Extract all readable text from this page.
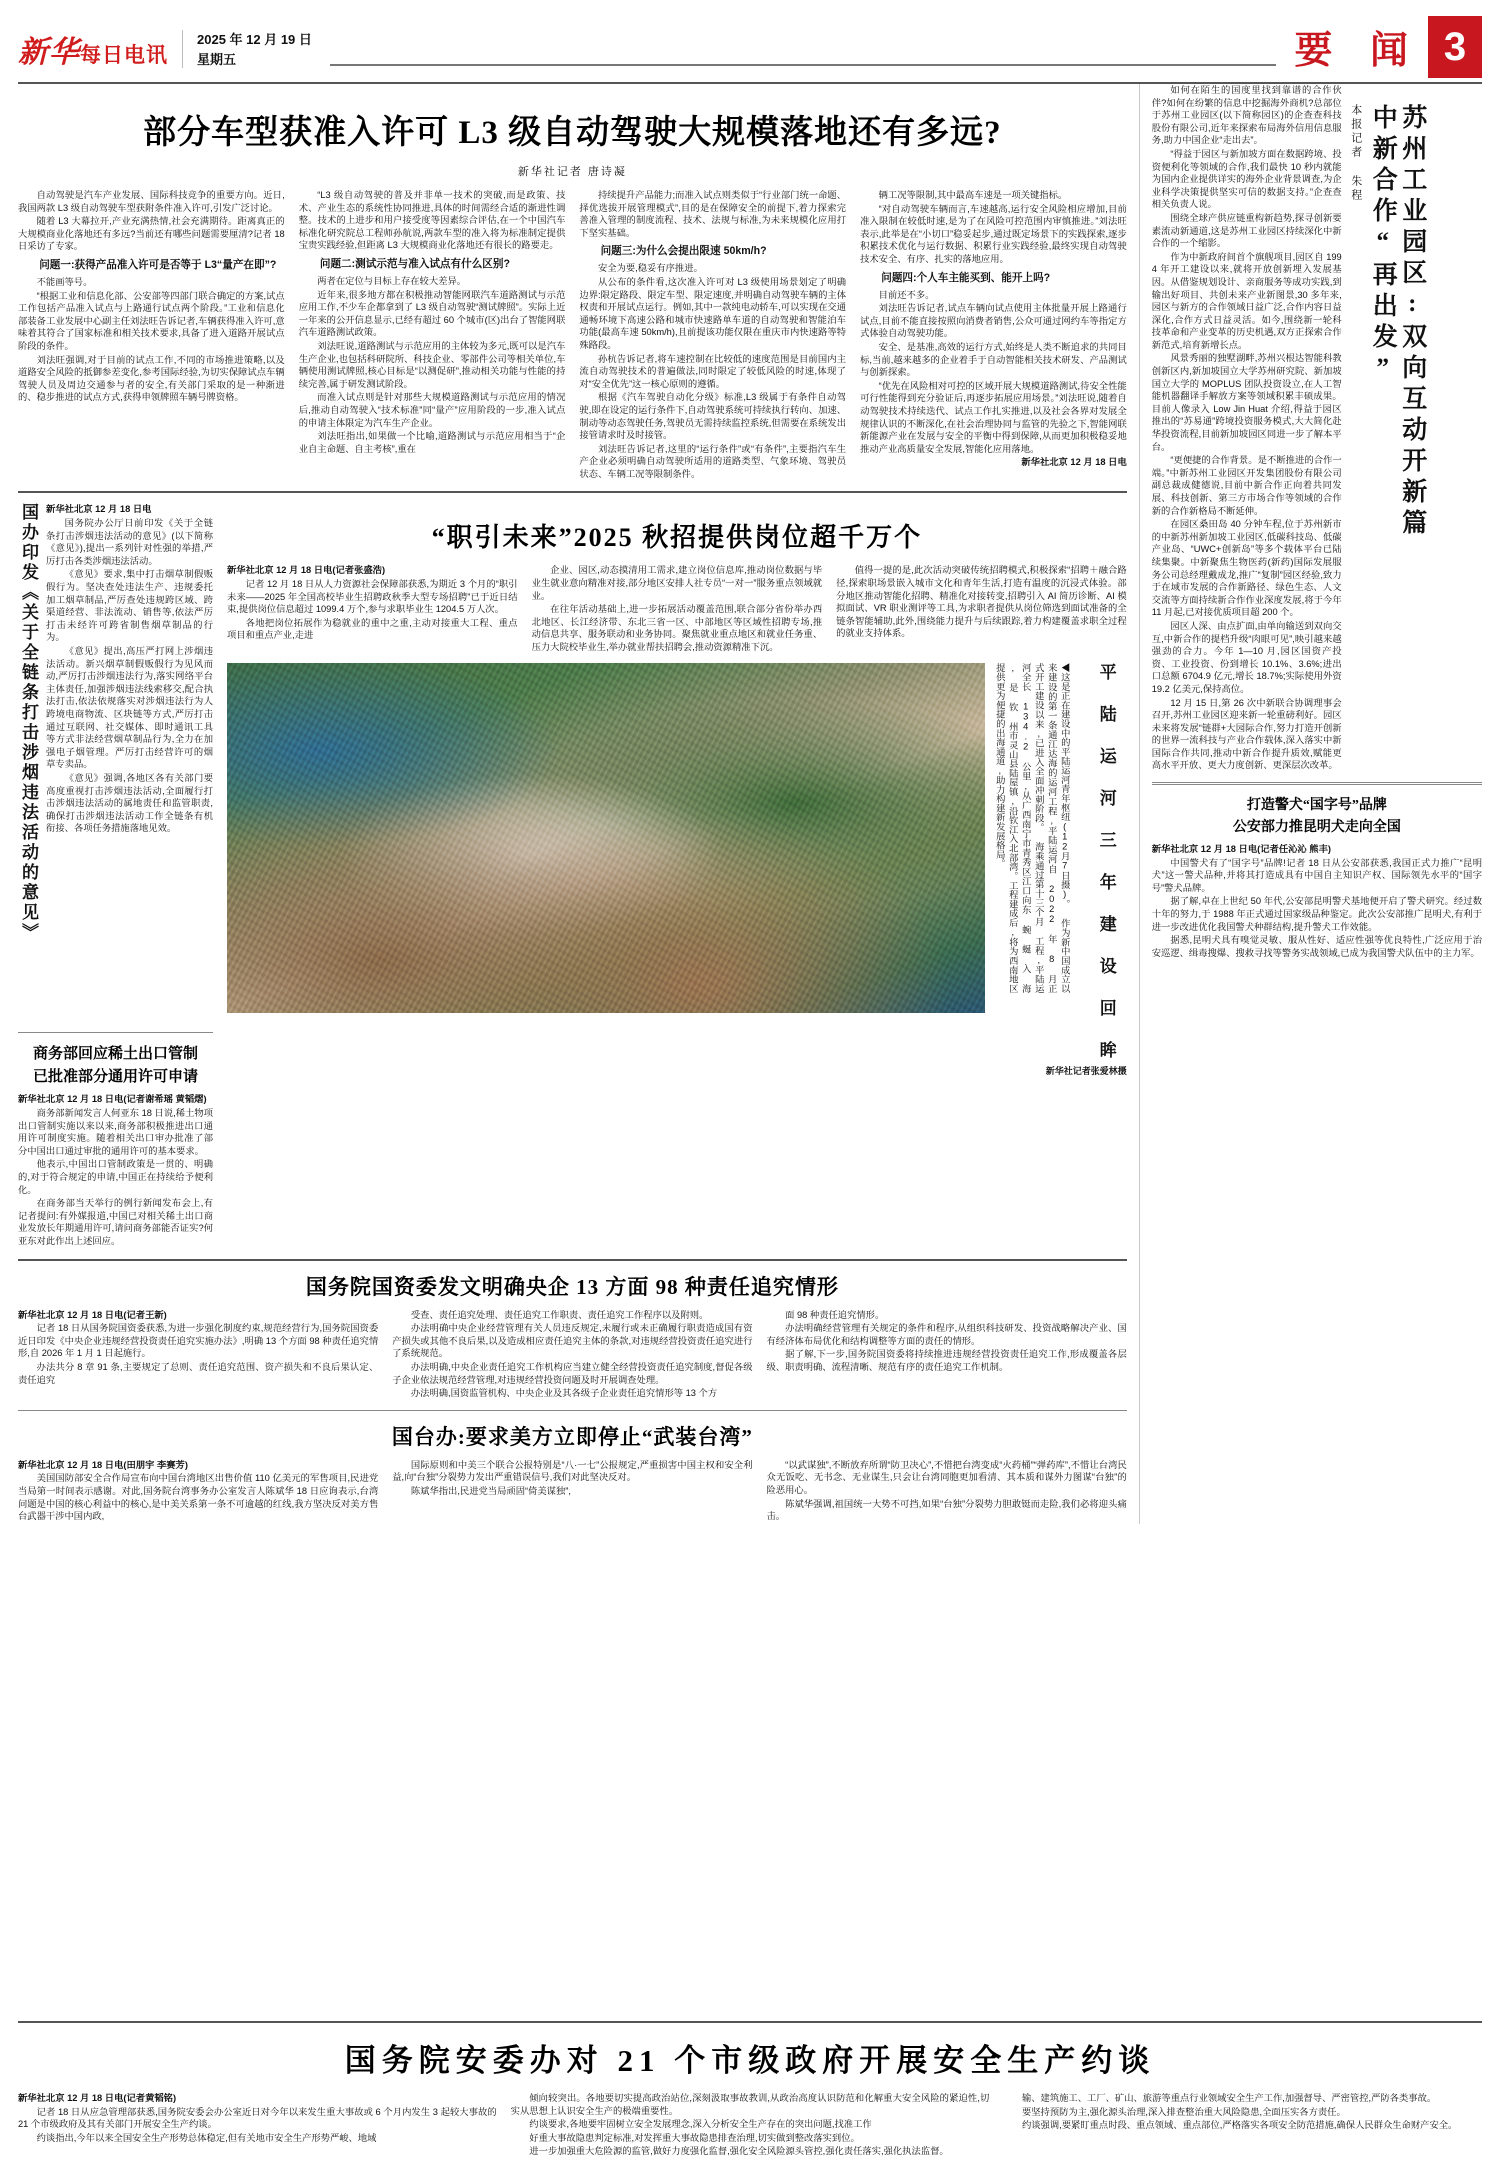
新华每日电讯
2025 年 12 月 19 日
星期五	要 闻 3
部分车型获准入许可 L3 级自动驾驶大规模落地还有多远?
新华社记者 唐诗凝

自动驾驶是汽车产业发展、国际科技竞争的重要方向。近日,我国两款 L3 级自动驾驶车型获附条件准入许可,引发广泛讨论。

随着 L3 大幕拉开,产业充满热情,社会充满期待。距离真正的大规模商业化落地还有多远?当前还有哪些问题需要厘清?记者 18 日采访了专家。

问题一:获得产品准入许可是否等于 L3“量产在即”?

不能画等号。

“根据工业和信息化部、公安部等四部门联合确定的方案,试点工作包括产品准入试点与上路通行试点两个阶段。”工业和信息化部装备工业发展中心副主任刘法旺告诉记者,车辆获得准入许可,意味着其符合了国家标准和相关技术要求,具备了进入道路开展试点阶段的条件。

刘法旺强调,对于目前的试点工作,不同的市场推进策略,以及道路安全风险的抵御参差变化,参考国际经验,为切实保障试点车辆驾驶人员及周边交通参与者的安全,有关部门采取的是一种渐进的、稳步推进的试点方式,获得申领牌照车辆号牌资格。

“L3 级自动驾驶的普及并非单一技术的突破,而是政策、技术、产业生态的系统性协同推进,具体的时间需经合适的渐进性调整。技术的上进步和用户接受度等因素综合评估,在一个中国汽车标准化研究院总工程师孙航说,两款车型的准入将为标准制定提供宝贵实践经验,但距离 L3 大规模商业化落地还有很长的路要走。

问题二:测试示范与准入试点有什么区别?

两者在定位与目标上存在较大差异。

近年来,很多地方都在积极推动智能网联汽车道路测试与示范应用工作,不少车企都拿到了 L3 级自动驾驶“测试牌照”。实际上近一年来的公开信息显示,已经有超过 60 个城市(区)出台了智能网联汽车道路测试政策。

刘法旺说,道路测试与示范应用的主体较为多元,既可以是汽车生产企业,也包括科研院所、科技企业、零部件公司等相关单位,车辆使用测试牌照,核心目标是“以测促研”,推动相关功能与性能的持续完善,属于研发测试阶段。

而准入试点则是针对那些大规模道路测试与示范应用的情况后,推动自动驾驶入“技术标准”同“量产”应用阶段的一步,准入试点的申请主体限定为汽车生产企业。

刘法旺指出,如果做一个比喻,道路测试与示范应用相当于“企业自主命题、自主考核”,重在

持续提升产品能力;而准入试点则类似于“行业部门统一命题、择优选拔开展管理模式”,目的是在保障安全的前提下,着力探索完善准入管理的制度流程、技术、法规与标准,为未来规模化应用打下坚实基础。

问题三:为什么会提出限速 50km/h?

安全为要,稳妥有序推进。

从公布的条件看,这次准入许可对 L3 级使用场景划定了明确边界:限定路段、限定车型、限定速度,并明确自动驾驶车辆的主体权责和开展试点运行。例如,其中一款纯电动轿车,可以实现在交通通畅环境下高速公路和城市快速路单车道的自动驾驶和智能泊车功能(最高车速 50km/h),且前提该功能仅限在重庆市内快速路等特殊路段。

孙杭告诉记者,将车速控制在比较低的速度范围是目前国内主流自动驾驶技术的普遍做法,同时限定了较低风险的时速,体现了对“安全优先”这一核心原则的遵循。

根据《汽车驾驶自动化分级》标准,L3 级属于有条件自动驾驶,即在设定的运行条件下,自动驾驶系统可持续执行转向、加速、制动等动态驾驶任务,驾驶员无需持续监控系统,但需要在系统发出接管请求时及时接管。

刘法旺告诉记者,这里的“运行条件”或“有条件”,主要指汽车生产企业必须明确自动驾驶所适用的道路类型、气象环境、驾驶员状态、车辆工况等限制条件。

辆工况等限制,其中最高车速是一项关键指标。

“对自动驾驶车辆而言,车速越高,运行安全风险相应增加,目前准入限制在较低时速,是为了在风险可控范围内审慎推进。”刘法旺表示,此举是在“小切口”稳妥起步,通过既定场景下的实践探索,逐步积累技术优化与运行数据、积累行业实践经验,最终实现自动驾驶技术安全、有序、扎实的落地应用。

问题四:个人车主能买到、能开上吗?

目前还不多。

刘法旺告诉记者,试点车辆向试点使用主体批量开展上路通行试点,目前不能直接按照向消费者销售,公众可通过网约车等指定方式体验自动驾驶功能。

安全、是基准,高效的运行方式,始终是人类不断追求的共同目标,当前,越来越多的企业着手于自动智能相关技术研发、产品测试与创新探索。

“优先在风险相对可控的区域开展大规模道路测试,待安全性能可行性能得到充分验证后,再逐步拓展应用场景。”刘法旺说,随着自动驾驶技术持续迭代、试点工作扎实推进,以及社会各界对发展全规律认识的不断深化,在社会治理协同与监管的先验之下,智能网联新能源产业在发展与安全的平衡中得到保障,从而更加积极稳妥地推动产业高质量安全发展,智能化应用落地。

新华社北京 12 月 18 日电

国办印发《关于全链条打击涉烟违法活动的意见》 新华社北京 12 月 18 日电

国务院办公厅日前印发《关于全链条打击涉烟违法活动的意见》(以下简称《意见》),提出一系列针对性强的举措,严厉打击各类涉烟违法活动。

《意见》要求,集中打击烟草制假贩假行为。坚决查处违法生产、违规委托加工烟草制品,严厉查处违规跨区域、跨渠道经营、非法流动、销售等,依法严厉打击未经许可跨省制售烟草制品的行为。

《意见》提出,高压严打网上涉烟违法活动。新兴烟草制假贩假行为见风而动,严厉打击涉烟违法行为,落实网络平台主体责任,加强涉烟违法线索移交,配合执法打击,依法依规落实对涉烟违法行为人跨境电商物流、区块链等方式,严厉打击通过互联网、社交媒体、即时通讯工具等方式非法经营烟草制品行为,全力在加强电子烟管理。严厉打击经营许可的烟草专卖品。

《意见》强调,各地区各有关部门要高度重视打击涉烟违法活动,全面履行打击涉烟违法活动的属地责任和监管职责,确保打击涉烟违法活动工作全链条有机衔接、各项任务措施落地见效。

商务部回应稀土出口管制
已批准部分通用许可申请

新华社北京 12 月 18 日电(记者谢希瑶 黄韬熠)

商务部新闻发言人何亚东 18 日说,稀土物项出口管制实施以来以来,商务部积极推进出口通用许可制度实施。随着相关出口审办批准了部分中国出口通过审批的通用许可的基本要求。

他表示,中国出口管制政策是一贯的、明确的,对于符合规定的申请,中国正在持续给予便利化。

在商务部当天举行的例行新闻发布会上,有记者提问:有外媒报道,中国已对相关稀土出口商业发放长年期通用许可,请问商务部能否证实?何亚东对此作出上述回应。

“职引未来”2025 秋招提供岗位超千万个

新华社北京 12 月 18 日电(记者张盛浩)

记者 12 月 18 日从人力资源社会保障部获悉,为期近 3 个月的“职引未来——2025 年全国高校毕业生招聘政秋季大型专场招聘”已于近日结束,提供岗位信息超过 1099.4 万个,参与求职毕业生 1204.5 万人次。

各地把岗位拓展作为稳就业的重中之重,主动对接重大工程、重点项目和重点产业,走进

企业、园区,动态摸清用工需求,建立岗位信息库,推动岗位数据与毕业生就业意向精准对接,部分地区安排人社专员“一对一”服务重点领域就业。

在往年活动基础上,进一步拓展活动覆盖范围,联合部分省份举办西北地区、长江经济带、东北三省一区、中部地区等区域性招聘专场,推动信息共享、服务联动和业务协同。聚焦就业重点地区和就业任务重、压力大院校毕业生,举办就业帮扶招聘会,推动资源精准下沉。

值得一提的是,此次活动突破传统招聘模式,积极探索“招聘＋融合路径,探索职场景嵌入城市文化和青年生活,打造有温度的沉浸式体验。部分地区推动智能化招聘、精准化对接转变,招聘引入 AI 简历诊断、AI 模拟面试、VR 职业测评等工具,为求职者提供从岗位筛选到面试准备的全链条智能辅助,此外,围绕能力提升与后续跟踪,着力构建覆盖求职全过程的就业支持体系。

◀这是正在建设中的平陆运河青年枢纽(12月7日摄)。 作为新中国成立以来建设的第一条通江达海的运河工程,平陆运河自 2022 年 8 月正式开工建设以来,已进入全面冲刺阶段。 海乘通过第十三个月 工程,平陆运河全长 134.2 公里,从广西南宁市青秀区江口向东 蜿 蜒 入 海 , 是 钦 州市灵山县陆屋镇,沿钦江入北部湾。工程建成后,将为西南地区提供更为便捷的出海通道,助力构建新发展格局。	平 陆 运 河 三 年 建 设 回 眸
新华社记者张爱林摄
国务院国资委发文明确央企 13 方面 98 种责任追究情形

新华社北京 12 月 18 日电(记者王新)

记者 18 日从国务院国资委获悉,为进一步强化制度约束,规范经营行为,国务院国资委近日印发《中央企业违规经营投资责任追究实施办法》,明确 13 个方面 98 种责任追究情形,自 2026 年 1 月 1 日起施行。

办法共分 8 章 91 条,主要规定了总则、责任追究范围、资产损失和不良后果认定、责任追究

受查、责任追究处理、责任追究工作职责、责任追究工作程序以及附则。

办法明确中央企业经营管理有关人员违反规定,未履行或未正确履行职责造成国有资产损失或其他不良后果,以及造成相应责任追究主体的条款,对违规经营投资责任追究进行了系统规范。

办法明确,中央企业责任追究工作机构应当建立健全经营投资责任追究制度,督促各级子企业依法规范经营管理,对违规经营投资问题及时开展调查处理。

办法明确,国资监管机构、中央企业及其各级子企业责任追究情形等 13 个方

面 98 种责任追究情形。

办法明确经营管理有关规定的条件和程序,从组织科技研发、投资战略解决产业、国有经济体布局优化和结构调整等方面的责任的情形。

据了解,下一步,国务院国资委将持续推进违规经营投资责任追究工作,形成覆盖各层级、职责明确、流程清晰、规范有序的责任追究工作机制。

国台办:要求美方立即停止“武装台湾”

新华社北京 12 月 18 日电(田朋宇 李赛芳)

美国国防部安全合作局宣布向中国台湾地区出售价值 110 亿美元的军售项目,民进党当局第一时间表示感谢。对此,国务院台湾事务办公室发言人陈斌华 18 日应询表示,台湾问题是中国的核心利益中的核心,是中美关系第一条不可逾越的红线,我方坚决反对美方售台武器干涉中国内政,

国际原则和中美三个联合公报特别是“八·一七”公报规定,严重损害中国主权和安全利益,向“台独”分裂势力发出严重错误信号,我们对此坚决反对。

陈斌华指出,民进党当局顽固“倚美谋独”,

“以武谋独”,不断放弃所谓“防卫决心”,不惜把台湾变成“火药桶”“弹药库”,不惜让台湾民众无饭吃、无书念、无业谋生,只会让台湾同胞更加看清、其本质和谋外力图谋“台独”的险恶用心。

陈斌华强调,祖国统一大势不可挡,如果“台独”分裂势力胆敢铤而走险,我们必将迎头痛击。

如何在陌生的国度里找到靠谱的合作伙伴?如何在纷繁的信息中挖掘海外商机?总部位于苏州工业园区(以下简称园区)的企查查科技股份有限公司,近年来探索布局海外信用信息服务,助力中国企业“走出去”。

“得益于园区与新加坡方面在数据跨境、投资便利化等领域的合作,我们最快 10 秒内就能为国内企业提供详实的海外企业背景调查,为企业科学决策提供坚实可信的数据支持。”企查查相关负责人说。

围绕全球产供应链重构新趋势,探寻创新要素流动新通道,这是苏州工业园区持续深化中新合作的一个缩影。

作为中新政府间首个旗舰项目,园区自 1994 年开工建设以来,就将开放创新埋入发展基因。从借鉴规划设计、亲商服务等成功实践,到输出好项目、共创未来产业新图景,30 多年来,园区与新方的合作领域日益广泛,合作内容日益深化,合作方式日益灵活。如今,围绕新一轮科技革命和产业变革的历史机遇,双方正探索合作新范式,培育新增长点。

风景秀丽的独墅湖畔,苏州兴根达智能科教创新区内,新加坡国立大学苏州研究院、新加坡国立大学的 MOPLUS 团队投资设立,在人工智能机器翻译手解放方案等领域积累丰硕成果。目前人像录入 Low Jin Huat 介绍,得益于园区推出的“苏易通”跨境投资服务模式,大大简化赴华投资流程,目前新加坡园区同进一步了解本平台。

“更便捷的合作背景。是不断推进的合作一端。”中新苏州工业园区开发集团股份有限公司副总裁成健德说,目前中新合作正向着共同发展、科技创新、第三方市场合作等领域的合作新的合作新格局不断延伸。

在园区桑田岛 40 分钟车程,位于苏州新市的中新苏州新加坡工业园区,低碳科技岛、低碳产业岛、“UWC+创新岛”等多个载体平台已陆续集聚。中新聚焦生物医药(新药)国际发展服务公司总经理戴成龙,推广“复制”园区经验,致力于在域市发展的合作新路径、绿色生态、人文交流等方面持续新合作作业深度发展,将于今年 11 月起,已对接优质项目超 200 个。

园区人深、由点扩面,由单向输送到双向交互,中新合作的提档升级“肉眼可见”,映引越来越强劲的合力。今年 1—10 月,园区国资产投资、工业投资、份到增长 10.1%、3.6%;进出口总额 6704.9 亿元,增长 18.7%;实际使用外资 19.2 亿美元,保持高位。

12 月 15 日,第 26 次中新联合协调理事会召开,苏州工业园区迎来新一轮重磅利好。园区未来将发展“链群+大园际合作,努力打造开创新的世界一流科技与产业合作载体,深入落实中新国际合作共同,推动中新合作提升质效,赋能更高水平开放、更大力度创新、更深层次改革。

本报记者 朱程	苏州工业园区:双向互动开新篇 中新合作“再出发”
打造警犬“国字号”品牌
公安部力推昆明犬走向全国

新华社北京 12 月 18 日电(记者任沁沁 熊丰)

中国警犬有了“国字号”品牌!记者 18 日从公安部获悉,我国正式力推广“昆明犬”这一警犬品种,并将其打造成具有中国自主知识产权、国际领先水平的“国字号”警犬品牌。

据了解,卓在上世纪 50 年代,公安部昆明警犬基地便开启了警犬研究。经过数十年的努力,于 1988 年正式通过国家级品种鉴定。此次公安部推广昆明犬,有利于进一步改进优化我国警犬种群结构,提升警犬工作效能。

据悉,昆明犬具有嗅觉灵敏、服从性好、适应性强等优良特性,广泛应用于治安巡逻、缉毒搜爆、搜救寻找等警务实战领域,已成为我国警犬队伍中的主力军。

国务院安委办对 21 个市级政府开展安全生产约谈

新华社北京 12 月 18 日电(记者黄韬铭)

记者 18 日从应急管理部获悉,国务院安委会办公室近日对今年以来发生重大事故或 6 个月内发生 3 起较大事故的 21 个市级政府及其有关部门开展安全生产约谈。

约谈指出,今年以来全国安全生产形势总体稳定,但有关地市安全生产形势严峻、地域

倾向较突出。各地要切实提高政治站位,深刻汲取事故教训,从政治高度认识防范和化解重大安全风险的紧迫性,切实从思想上认识安全生产的极端重要性。

约谈要求,各地要牢固树立安全发展理念,深入分析安全生产存在的突出问题,找准工作

好重大事故隐患判定标准,对发挥重大事故隐患排查治理,切实做到整改落实到位。

进一步加强重大危险源的监管,做好力度强化监督,强化安全风险源头管控,强化责任落实,强化执法监督。

输、建筑施工、工厂、矿山、旅游等重点行业领域安全生产工作,加强督导、严密管控,严防各类事故。

要坚持预防为主,强化源头治理,深入排查整治重大风险隐患,全面压实各方责任。

约谈强调,要紧盯重点时段、重点领域、重点部位,严格落实各项安全防范措施,确保人民群众生命财产安全。
